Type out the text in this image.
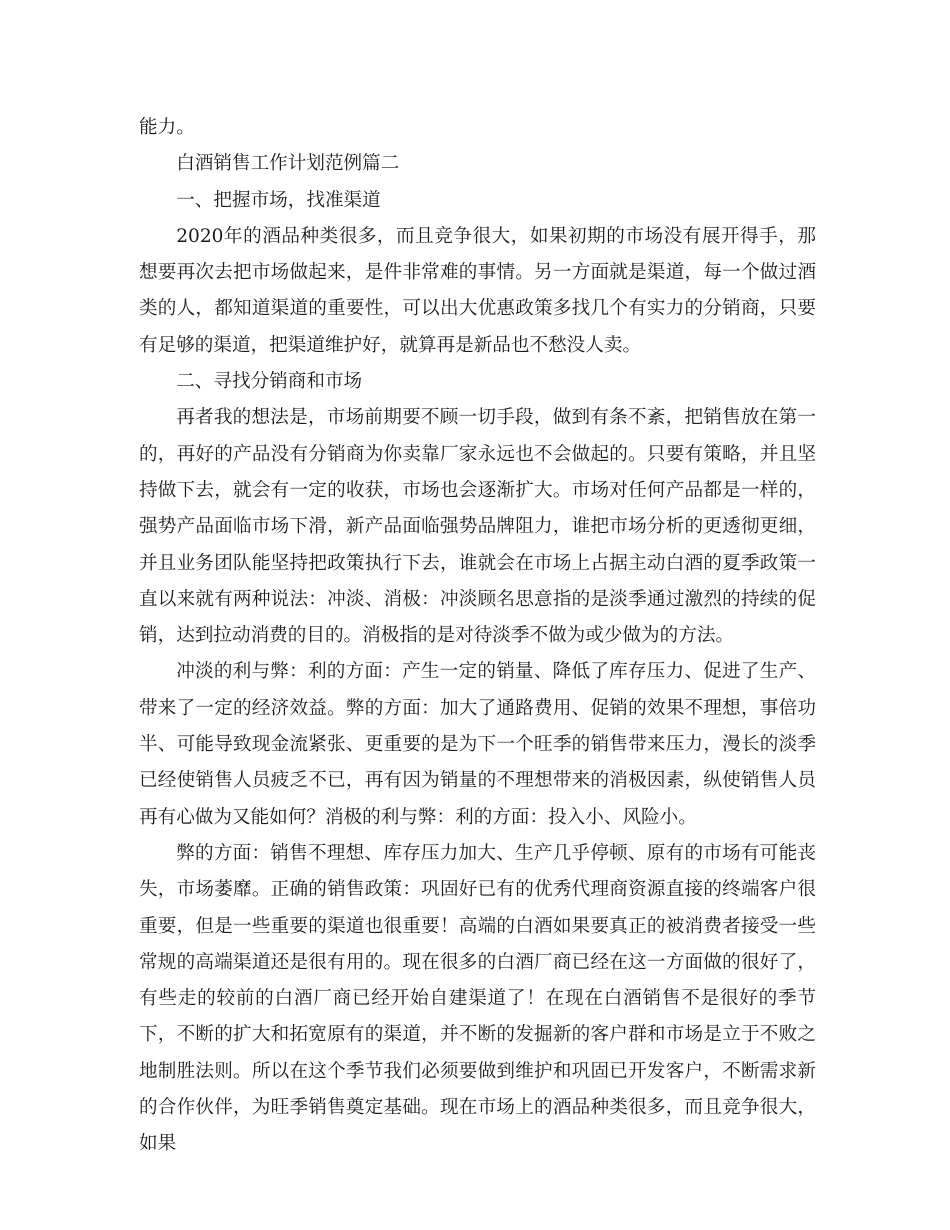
能力。

白酒销售工作计划范例篇二

一、把握市场，找准渠道

2020年的酒品种类很多，而且竞争很大，如果初期的市场没有展开得手，那想要再次去把市场做起来，是件非常难的事情。另一方面就是渠道，每一个做过酒类的人，都知道渠道的重要性，可以出大优惠政策多找几个有实力的分销商，只要有足够的渠道，把渠道维护好，就算再是新品也不愁没人卖。

二、寻找分销商和市场

再者我的想法是，市场前期要不顾一切手段，做到有条不紊，把销售放在第一的，再好的产品没有分销商为你卖靠厂家永远也不会做起的。只要有策略，并且坚持做下去，就会有一定的收获，市场也会逐渐扩大。市场对任何产品都是一样的，强势产品面临市场下滑，新产品面临强势品牌阻力，谁把市场分析的更透彻更细，并且业务团队能坚持把政策执行下去，谁就会在市场上占据主动白酒的夏季政策一直以来就有两种说法：冲淡、消极：冲淡顾名思意指的是淡季通过激烈的持续的促销，达到拉动消费的目的。消极指的是对待淡季不做为或少做为的方法。

冲淡的利与弊：利的方面：产生一定的销量、降低了库存压力、促进了生产、带来了一定的经济效益。弊的方面：加大了通路费用、促销的效果不理想，事倍功半、可能导致现金流紧张、更重要的是为下一个旺季的销售带来压力，漫长的淡季已经使销售人员疲乏不已，再有因为销量的不理想带来的消极因素，纵使销售人员再有心做为又能如何？消极的利与弊：利的方面：投入小、风险小。

弊的方面：销售不理想、库存压力加大、生产几乎停顿、原有的市场有可能丧失，市场萎靡。正确的销售政策：巩固好已有的优秀代理商资源直接的终端客户很重要，但是一些重要的渠道也很重要！高端的白酒如果要真正的被消费者接受一些常规的高端渠道还是很有用的。现在很多的白酒厂商已经在这一方面做的很好了，有些走的较前的白酒厂商已经开始自建渠道了！在现在白酒销售不是很好的季节下，不断的扩大和拓宽原有的渠道，并不断的发掘新的客户群和市场是立于不败之地制胜法则。所以在这个季节我们必须要做到维护和巩固已开发客户，不断需求新的合作伙伴，为旺季销售奠定基础。现在市场上的酒品种类很多，而且竞争很大，如果
